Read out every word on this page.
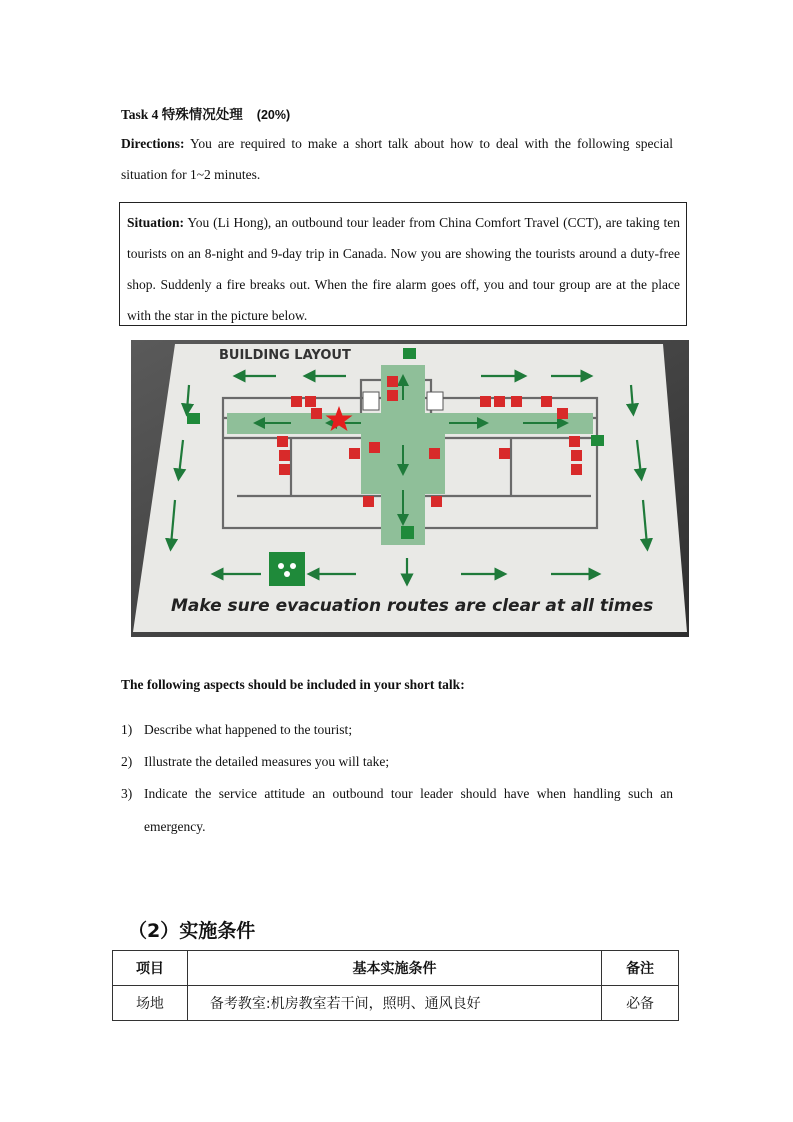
Task 4 特殊情况处理 (20%)
Directions: You are required to make a short talk about how to deal with the following special situation for 1~2 minutes.
Situation: You (Li Hong), an outbound tour leader from China Comfort Travel (CCT), are taking ten tourists on an 8-night and 9-day trip in Canada. Now you are showing the tourists around a duty-free shop. Suddenly a fire breaks out. When the fire alarm goes off, you and tour group are at the place with the star in the picture below.
BUILDING LAYOUT
Make sure evacuation routes are clear at all times
The following aspects should be included in your short talk:
1) Describe what happened to the tourist;
2) Illustrate the detailed measures you will take;
3) Indicate the service attitude an outbound tour leader should have when handling such an emergency.
（2）实施条件
项目	基本实施条件	备注
场地	备考教室:机房教室若干间，照明、通风良好	必备
